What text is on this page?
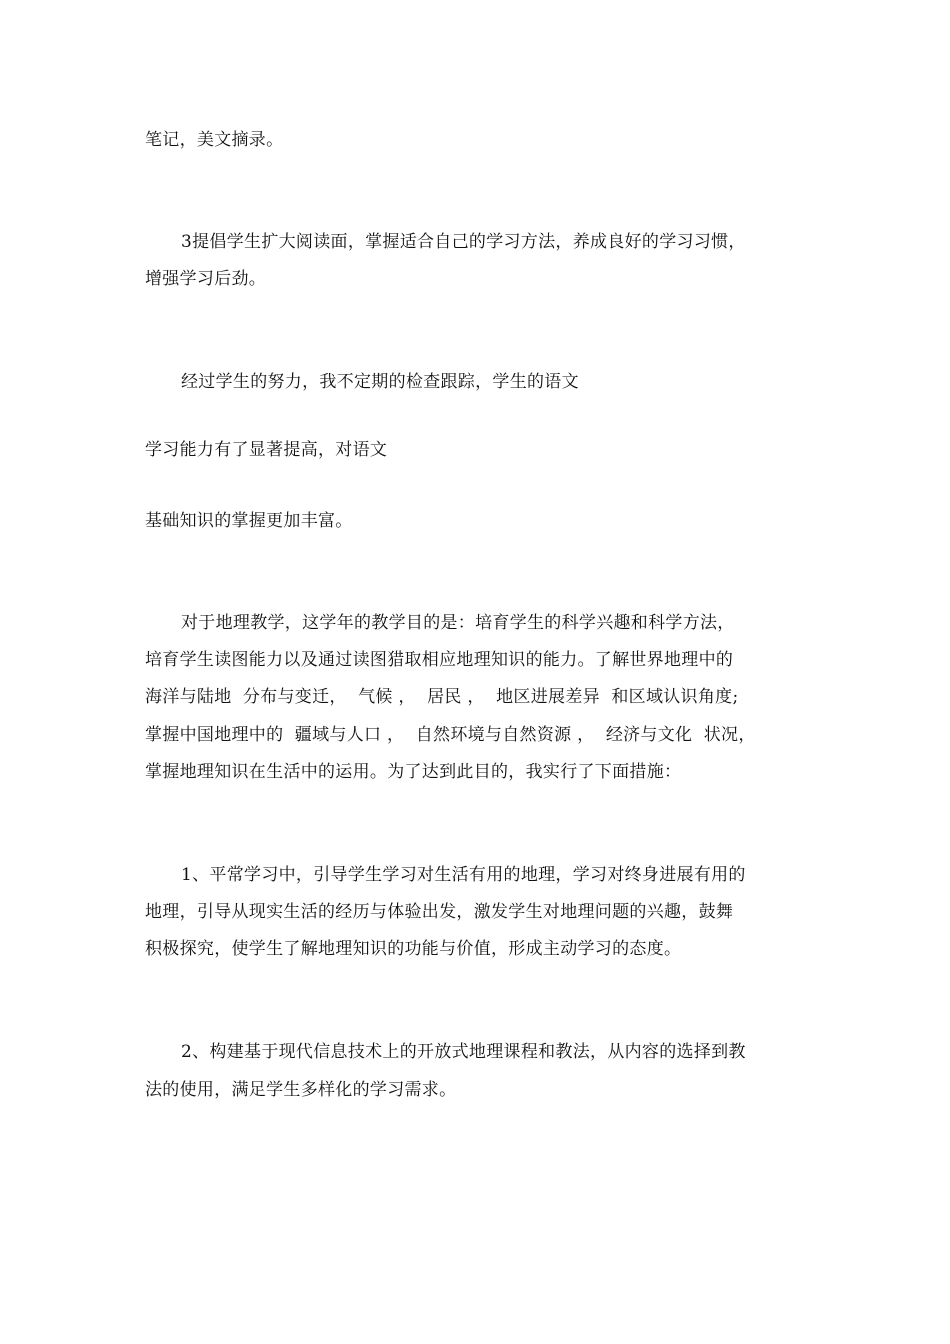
笔记，美文摘录。
3提倡学生扩大阅读面，掌握适合自己的学习方法，养成良好的学习习惯，
增强学习后劲。
经过学生的努力，我不定期的检查跟踪，学生的语文
学习能力有了显著提高，对语文
基础知识的掌握更加丰富。
对于地理教学，这学年的教学目的是：培育学生的科学兴趣和科学方法，
培育学生读图能力以及通过读图猎取相应地理知识的能力。了解世界地理中的
海洋与陆地  分布与变迁，  气候 ，  居民 ，  地区进展差异  和区域认识角度;
掌握中国地理中的  疆域与人口 ，  自然环境与自然资源 ，  经济与文化  状况，
掌握地理知识在生活中的运用。为了达到此目的，我实行了下面措施：
1、平常学习中，引导学生学习对生活有用的地理，学习对终身进展有用的
地理，引导从现实生活的经历与体验出发，激发学生对地理问题的兴趣，鼓舞
积极探究，使学生了解地理知识的功能与价值，形成主动学习的态度。
2、构建基于现代信息技术上的开放式地理课程和教法，从内容的选择到教
法的使用，满足学生多样化的学习需求。
